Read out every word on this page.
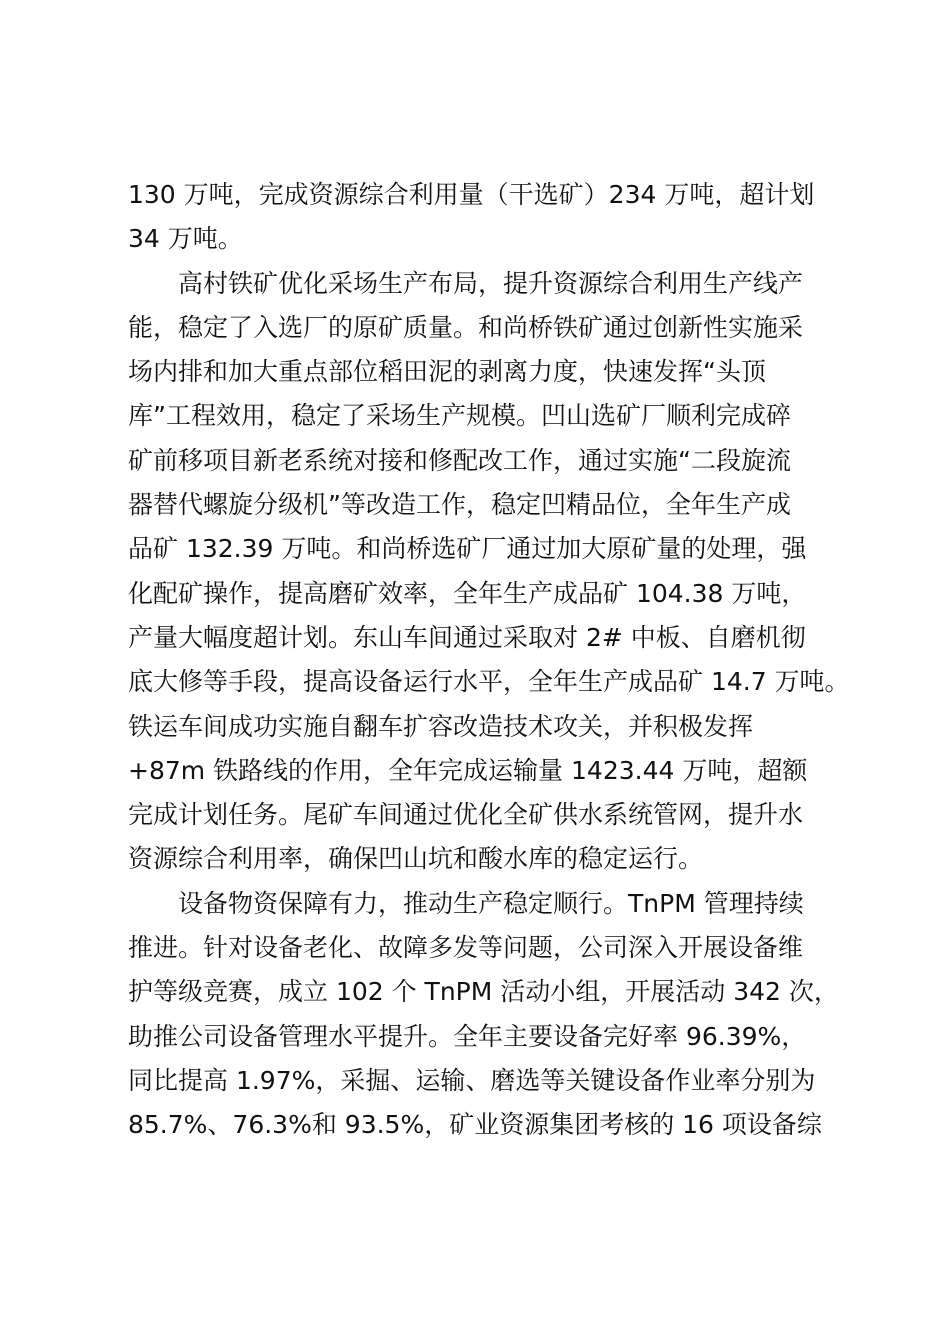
130 万吨，完成资源综合利用量（干选矿）234 万吨，超计划
34 万吨。

　　高村铁矿优化采场生产布局，提升资源综合利用生产线产
能，稳定了入选厂的原矿质量。和尚桥铁矿通过创新性实施采
场内排和加大重点部位稻田泥的剥离力度，快速发挥“头顶
库”工程效用，稳定了采场生产规模。凹山选矿厂顺利完成碎
矿前移项目新老系统对接和修配改工作，通过实施“二段旋流
器替代螺旋分级机”等改造工作，稳定凹精品位，全年生产成
品矿 132.39 万吨。和尚桥选矿厂通过加大原矿量的处理，强
化配矿操作，提高磨矿效率，全年生产成品矿 104.38 万吨，
产量大幅度超计划。东山车间通过采取对 2# 中板、自磨机彻
底大修等手段，提高设备运行水平，全年生产成品矿 14.7 万吨。
铁运车间成功实施自翻车扩容改造技术攻关，并积极发挥
+87m 铁路线的作用，全年完成运输量 1423.44 万吨，超额
完成计划任务。尾矿车间通过优化全矿供水系统管网，提升水
资源综合利用率，确保凹山坑和酸水库的稳定运行。

　　设备物资保障有力，推动生产稳定顺行。TnPM 管理持续
推进。针对设备老化、故障多发等问题，公司深入开展设备维
护等级竞赛，成立 102 个 TnPM 活动小组，开展活动 342 次，
助推公司设备管理水平提升。全年主要设备完好率 96.39%，
同比提高 1.97%，采掘、运输、磨选等关键设备作业率分别为
85.7%、76.3%和 93.5%，矿业资源集团考核的 16 项设备综
